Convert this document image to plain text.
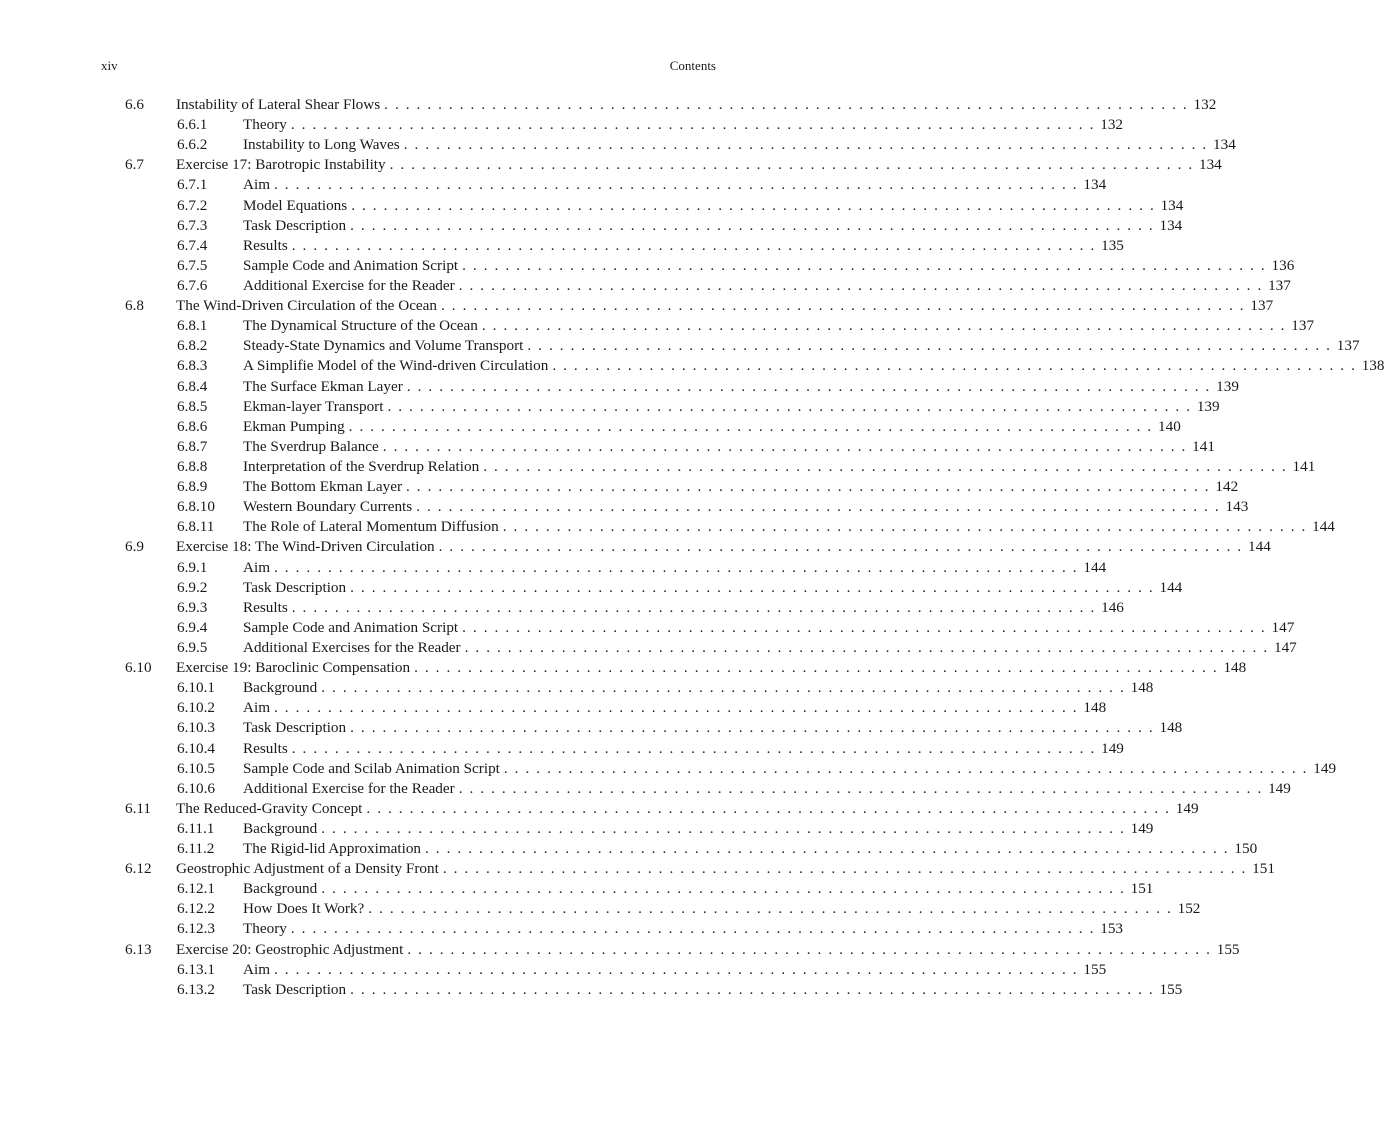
xiv	Contents
6.6 Instability of Lateral Shear Flows . . . . . . . . . . . . . . . . . . . . . . . . . . . . . . . . . . . . . . . . . . . . . . . . . . . . . . . . . . . . . . . . . . . . . . . . . . . 132
6.6.1 Theory . . . . . . . . . . . . . . . . . . . . . . . . . . . . . . . . . . . . . . . . . . . . . . . . . . . . . . . . . . . . . . . . . . . . . . . . . . . 132
6.6.2 Instability to Long Waves . . . . . . . . . . . . . . . . . . . . . . . . . . . . . . . . . . . . . . . . . . . . . . . . . . . . . . . . . . . . . . . . . . . . . . . . . . . 134
6.7 Exercise 17: Barotropic Instability . . . . . . . . . . . . . . . . . . . . . . . . . . . . . . . . . . . . . . . . . . . . . . . . . . . . . . . . . . . . . . . . . . . . . . . . . . . 134
6.7.1 Aim . . . . . . . . . . . . . . . . . . . . . . . . . . . . . . . . . . . . . . . . . . . . . . . . . . . . . . . . . . . . . . . . . . . . . . . . . . . 134
6.7.2 Model Equations . . . . . . . . . . . . . . . . . . . . . . . . . . . . . . . . . . . . . . . . . . . . . . . . . . . . . . . . . . . . . . . . . . . . . . . . . . . 134
6.7.3 Task Description . . . . . . . . . . . . . . . . . . . . . . . . . . . . . . . . . . . . . . . . . . . . . . . . . . . . . . . . . . . . . . . . . . . . . . . . . . . 134
6.7.4 Results . . . . . . . . . . . . . . . . . . . . . . . . . . . . . . . . . . . . . . . . . . . . . . . . . . . . . . . . . . . . . . . . . . . . . . . . . . . 135
6.7.5 Sample Code and Animation Script . . . . . . . . . . . . . . . . . . . . . . . . . . . . . . . . . . . . . . . . . . . . . . . . . . . . . . . . . . . . . . . . . . . . . . . . . . . 136
6.7.6 Additional Exercise for the Reader . . . . . . . . . . . . . . . . . . . . . . . . . . . . . . . . . . . . . . . . . . . . . . . . . . . . . . . . . . . . . . . . . . . . . . . . . . . 137
6.8 The Wind-Driven Circulation of the Ocean . . . . . . . . . . . . . . . . . . . . . . . . . . . . . . . . . . . . . . . . . . . . . . . . . . . . . . . . . . . . . . . . . . . . . . . . . . . 137
6.8.1 The Dynamical Structure of the Ocean . . . . . . . . . . . . . . . . . . . . . . . . . . . . . . . . . . . . . . . . . . . . . . . . . . . . . . . . . . . . . . . . . . . . . . . . . . . 137
6.8.2 Steady-State Dynamics and Volume Transport . . . . . . . . . . . . . . . . . . . . . . . . . . . . . . . . . . . . . . . . . . . . . . . . . . . . . . . . . . . . . . . . . . . . . . . . . . . 137
6.8.3 A Simplifie Model of the Wind-driven Circulation . . . . . . . . . . . . . . . . . . . . . . . . . . . . . . . . . . . . . . . . . . . . . . . . . . . . . . . . . . . . . . . . . . . . . . . . . . . 138
6.8.4 The Surface Ekman Layer . . . . . . . . . . . . . . . . . . . . . . . . . . . . . . . . . . . . . . . . . . . . . . . . . . . . . . . . . . . . . . . . . . . . . . . . . . . 139
6.8.5 Ekman-layer Transport . . . . . . . . . . . . . . . . . . . . . . . . . . . . . . . . . . . . . . . . . . . . . . . . . . . . . . . . . . . . . . . . . . . . . . . . . . . 139
6.8.6 Ekman Pumping . . . . . . . . . . . . . . . . . . . . . . . . . . . . . . . . . . . . . . . . . . . . . . . . . . . . . . . . . . . . . . . . . . . . . . . . . . . 140
6.8.7 The Sverdrup Balance . . . . . . . . . . . . . . . . . . . . . . . . . . . . . . . . . . . . . . . . . . . . . . . . . . . . . . . . . . . . . . . . . . . . . . . . . . . 141
6.8.8 Interpretation of the Sverdrup Relation . . . . . . . . . . . . . . . . . . . . . . . . . . . . . . . . . . . . . . . . . . . . . . . . . . . . . . . . . . . . . . . . . . . . . . . . . . . 141
6.8.9 The Bottom Ekman Layer . . . . . . . . . . . . . . . . . . . . . . . . . . . . . . . . . . . . . . . . . . . . . . . . . . . . . . . . . . . . . . . . . . . . . . . . . . . 142
6.8.10 Western Boundary Currents . . . . . . . . . . . . . . . . . . . . . . . . . . . . . . . . . . . . . . . . . . . . . . . . . . . . . . . . . . . . . . . . . . . . . . . . . . . 143
6.8.11 The Role of Lateral Momentum Diffusion . . . . . . . . . . . . . . . . . . . . . . . . . . . . . . . . . . . . . . . . . . . . . . . . . . . . . . . . . . . . . . . . . . . . . . . . . . . 144
6.9 Exercise 18: The Wind-Driven Circulation . . . . . . . . . . . . . . . . . . . . . . . . . . . . . . . . . . . . . . . . . . . . . . . . . . . . . . . . . . . . . . . . . . . . . . . . . . . 144
6.9.1 Aim . . . . . . . . . . . . . . . . . . . . . . . . . . . . . . . . . . . . . . . . . . . . . . . . . . . . . . . . . . . . . . . . . . . . . . . . . . . 144
6.9.2 Task Description . . . . . . . . . . . . . . . . . . . . . . . . . . . . . . . . . . . . . . . . . . . . . . . . . . . . . . . . . . . . . . . . . . . . . . . . . . . 144
6.9.3 Results . . . . . . . . . . . . . . . . . . . . . . . . . . . . . . . . . . . . . . . . . . . . . . . . . . . . . . . . . . . . . . . . . . . . . . . . . . . 146
6.9.4 Sample Code and Animation Script . . . . . . . . . . . . . . . . . . . . . . . . . . . . . . . . . . . . . . . . . . . . . . . . . . . . . . . . . . . . . . . . . . . . . . . . . . . 147
6.9.5 Additional Exercises for the Reader . . . . . . . . . . . . . . . . . . . . . . . . . . . . . . . . . . . . . . . . . . . . . . . . . . . . . . . . . . . . . . . . . . . . . . . . . . . 147
6.10 Exercise 19: Baroclinic Compensation . . . . . . . . . . . . . . . . . . . . . . . . . . . . . . . . . . . . . . . . . . . . . . . . . . . . . . . . . . . . . . . . . . . . . . . . . . . 148
6.10.1 Background . . . . . . . . . . . . . . . . . . . . . . . . . . . . . . . . . . . . . . . . . . . . . . . . . . . . . . . . . . . . . . . . . . . . . . . . . . . 148
6.10.2 Aim . . . . . . . . . . . . . . . . . . . . . . . . . . . . . . . . . . . . . . . . . . . . . . . . . . . . . . . . . . . . . . . . . . . . . . . . . . . 148
6.10.3 Task Description . . . . . . . . . . . . . . . . . . . . . . . . . . . . . . . . . . . . . . . . . . . . . . . . . . . . . . . . . . . . . . . . . . . . . . . . . . . 148
6.10.4 Results . . . . . . . . . . . . . . . . . . . . . . . . . . . . . . . . . . . . . . . . . . . . . . . . . . . . . . . . . . . . . . . . . . . . . . . . . . . 149
6.10.5 Sample Code and Scilab Animation Script . . . . . . . . . . . . . . . . . . . . . . . . . . . . . . . . . . . . . . . . . . . . . . . . . . . . . . . . . . . . . . . . . . . . . . . . . . . 149
6.10.6 Additional Exercise for the Reader . . . . . . . . . . . . . . . . . . . . . . . . . . . . . . . . . . . . . . . . . . . . . . . . . . . . . . . . . . . . . . . . . . . . . . . . . . . 149
6.11 The Reduced-Gravity Concept . . . . . . . . . . . . . . . . . . . . . . . . . . . . . . . . . . . . . . . . . . . . . . . . . . . . . . . . . . . . . . . . . . . . . . . . . . . 149
6.11.1 Background . . . . . . . . . . . . . . . . . . . . . . . . . . . . . . . . . . . . . . . . . . . . . . . . . . . . . . . . . . . . . . . . . . . . . . . . . . . 149
6.11.2 The Rigid-lid Approximation . . . . . . . . . . . . . . . . . . . . . . . . . . . . . . . . . . . . . . . . . . . . . . . . . . . . . . . . . . . . . . . . . . . . . . . . . . . 150
6.12 Geostrophic Adjustment of a Density Front . . . . . . . . . . . . . . . . . . . . . . . . . . . . . . . . . . . . . . . . . . . . . . . . . . . . . . . . . . . . . . . . . . . . . . . . . . . 151
6.12.1 Background . . . . . . . . . . . . . . . . . . . . . . . . . . . . . . . . . . . . . . . . . . . . . . . . . . . . . . . . . . . . . . . . . . . . . . . . . . . 151
6.12.2 How Does It Work? . . . . . . . . . . . . . . . . . . . . . . . . . . . . . . . . . . . . . . . . . . . . . . . . . . . . . . . . . . . . . . . . . . . . . . . . . . . 152
6.12.3 Theory . . . . . . . . . . . . . . . . . . . . . . . . . . . . . . . . . . . . . . . . . . . . . . . . . . . . . . . . . . . . . . . . . . . . . . . . . . . 153
6.13 Exercise 20: Geostrophic Adjustment . . . . . . . . . . . . . . . . . . . . . . . . . . . . . . . . . . . . . . . . . . . . . . . . . . . . . . . . . . . . . . . . . . . . . . . . . . . 155
6.13.1 Aim . . . . . . . . . . . . . . . . . . . . . . . . . . . . . . . . . . . . . . . . . . . . . . . . . . . . . . . . . . . . . . . . . . . . . . . . . . . 155
6.13.2 Task Description . . . . . . . . . . . . . . . . . . . . . . . . . . . . . . . . . . . . . . . . . . . . . . . . . . . . . . . . . . . . . . . . . . . . . . . . . . . 155
